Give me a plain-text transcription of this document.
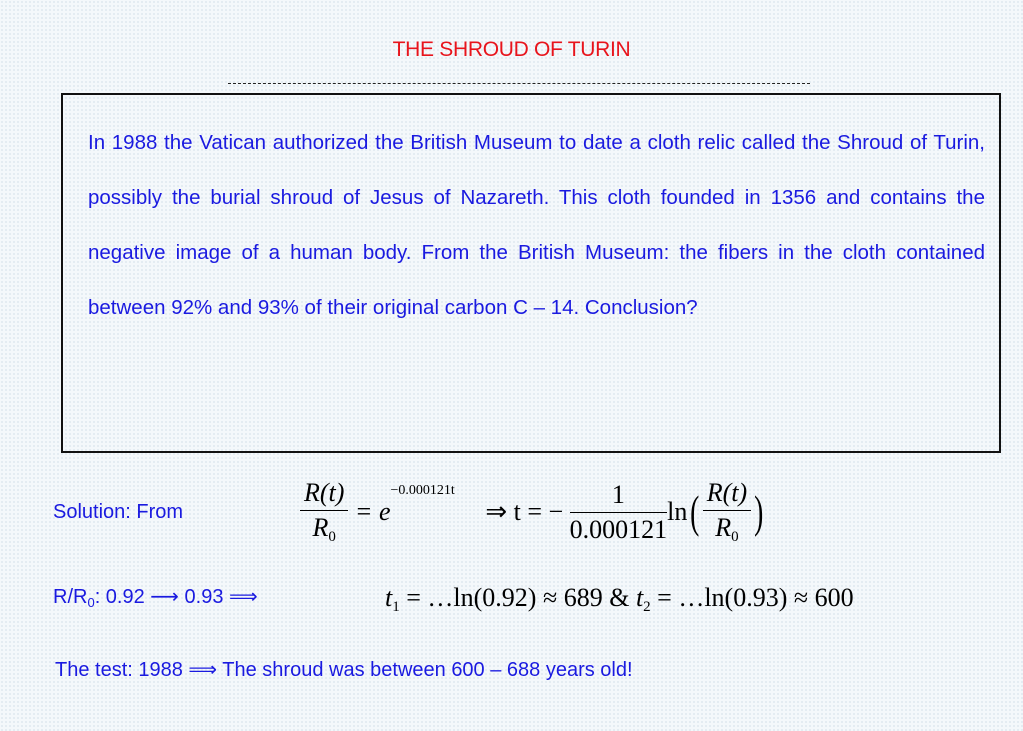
THE SHROUD OF TURIN

In 1988 the Vatican authorized the British Museum to date a cloth relic called the Shroud of Turin, possibly the burial shroud of Jesus of Nazareth. This cloth founded in 1356 and contains the negative image of a human body. From the British Museum: the fibers in the cloth contained between 92% and 93% of their original carbon C – 14. Conclusion?

Solution: From	$\frac{R(t)}{R_0} = e^{-0.000121t}$ ⇒ t = − $\frac{1}{0.000121} \ln( \frac{R(t)}{R_0}$ )
$R/R_0$: 0.92 ⟶ 0.93 ⟹	$t_1$ = …ln(0.92) ≈ 689 & $t_2$ = …ln(0.93) ≈ 600
The test: 1988 ⟹ The shroud was between 600 – 688 years old!
